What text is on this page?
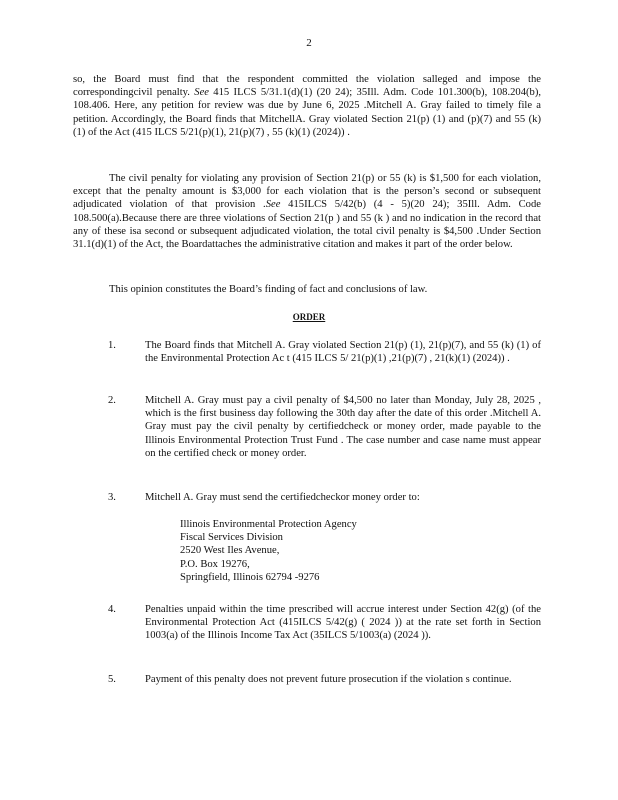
2
so, the Board must find that the respondent committed the violation salleged and impose the correspondingcivil penalty. See 415 ILCS 5/31.1(d)(1) (20 24); 35Ill. Adm. Code 101.300(b), 108.204(b), 108.406. Here, any petition for review was due by June 6, 2025 .Mitchell A. Gray failed to timely file a petition. Accordingly, the Board finds that MitchellA. Gray violated Section 21(p) (1) and (p)(7) and 55 (k) (1) of the Act (415 ILCS 5/21(p)(1), 21(p)(7) , 55 (k)(1) (2024)) .
The civil penalty for violating any provision of Section 21(p) or 55 (k) is $1,500 for each violation, except that the penalty amount is $3,000 for each violation that is the person’s second or subsequent adjudicated violation of that provision .See 415ILCS 5/42(b) (4 - 5)(20 24); 35Ill. Adm. Code 108.500(a).Because there are three violations of Section 21(p ) and 55 (k ) and no indication in the record that any of these isa second or subsequent adjudicated violation, the total civil penalty is $4,500 .Under Section 31.1(d)(1) of the Act, the Boardattaches the administrative citation and makes it part of the order below.
This opinion constitutes the Board’s finding of fact and conclusions of law.
ORDER
1.	The Board finds that Mitchell A. Gray violated Section 21(p) (1), 21(p)(7), and 55 (k) (1) of the Environmental Protection Ac t (415 ILCS 5/ 21(p)(1) ,21(p)(7) , 21(k)(1) (2024)) .
2.	Mitchell A. Gray must pay a civil penalty of $4,500 no later than Monday, July 28, 2025 , which is the first business day following the 30th day after the date of this order .Mitchell A. Gray must pay the civil penalty by certifiedcheck or money order, made payable to the Illinois Environmental Protection Trust Fund . The case number and case name must appear on the certified check or money order.
3.	Mitchell A. Gray must send the certifiedcheckor money order to:
Illinois Environmental Protection Agency
Fiscal Services Division
2520 West Iles Avenue,
P.O. Box 19276,
Springfield, Illinois 62794 -9276
4.	Penalties unpaid within the time prescribed will accrue interest under Section 42(g) (of the Environmental Protection Act (415ILCS 5/42(g) ( 2024 )) at the rate set forth in Section 1003(a) of the Illinois Income Tax Act (35ILCS 5/1003(a) (2024 )).
5.	Payment of this penalty does not prevent future prosecution if the violation s continue.
